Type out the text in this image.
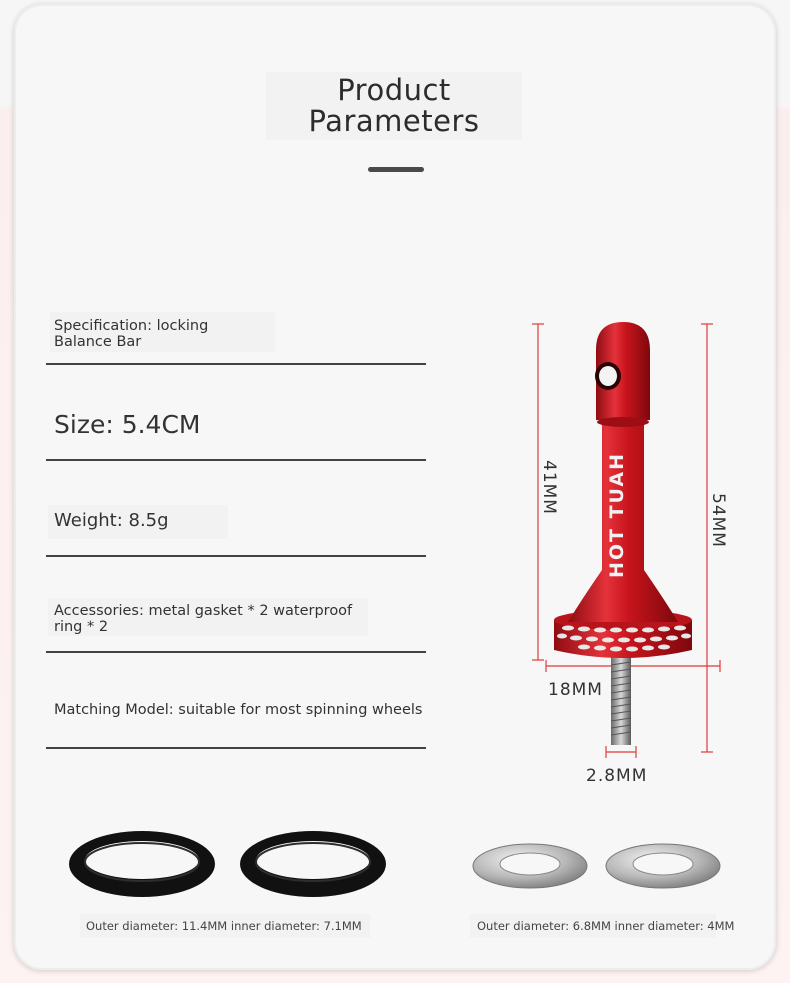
Product
Parameters
Specification: locking
Balance Bar
Size: 5.4CM
Weight: 8.5g
Accessories: metal gasket * 2 waterproof
ring * 2
Matching Model: suitable for most spinning wheels
HOT TUAH
41MM
54MM
18MM
2.8MM
Outer diameter: 11.4MM inner diameter: 7.1MM	Outer diameter: 6.8MM inner diameter: 4MM
